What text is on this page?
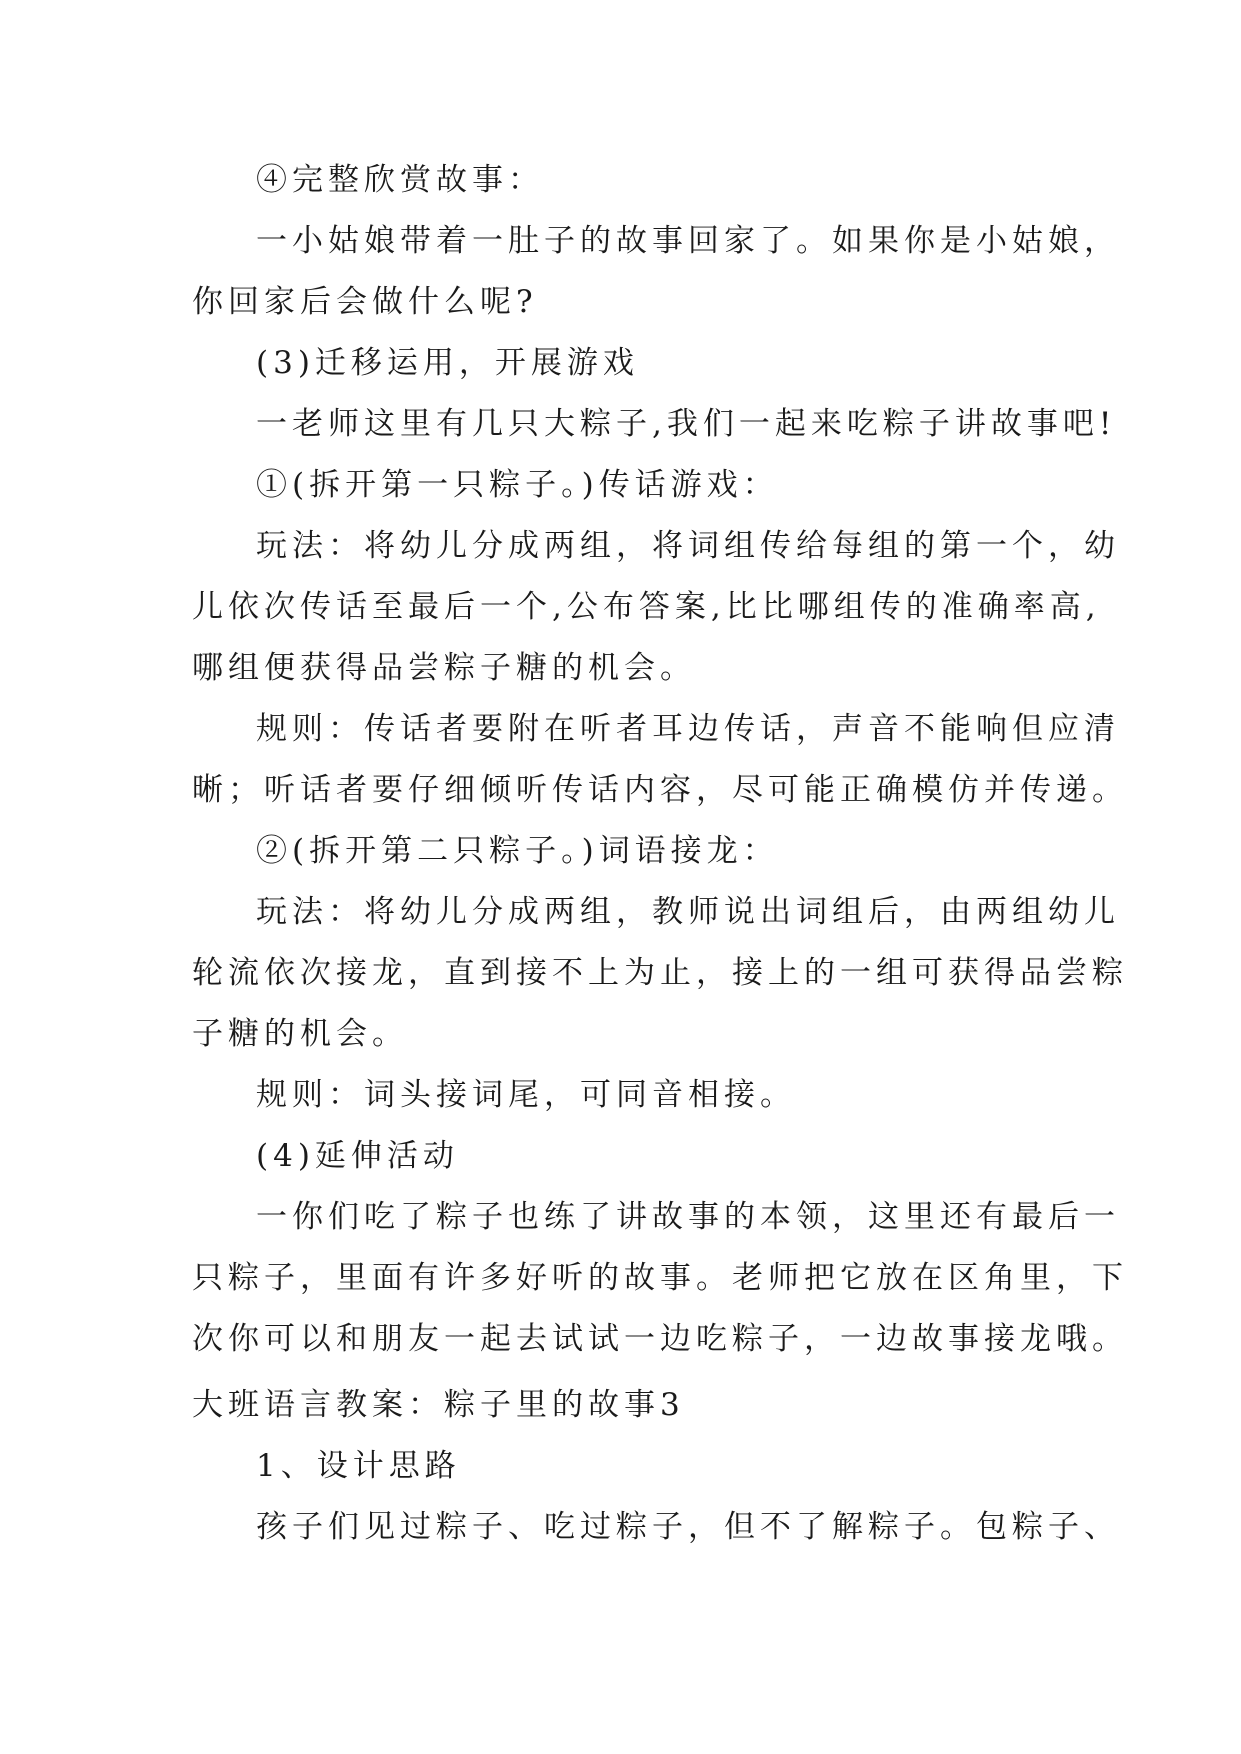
④完整欣赏故事：
一小姑娘带着一肚子的故事回家了。如果你是小姑娘，
你回家后会做什么呢?
(3)迁移运用，开展游戏
一老师这里有几只大粽子,我们一起来吃粽子讲故事吧!
①(拆开第一只粽子。)传话游戏：
玩法：将幼儿分成两组，将词组传给每组的第一个，幼
儿依次传话至最后一个,公布答案,比比哪组传的准确率高,
哪组便获得品尝粽子糖的机会。
规则：传话者要附在听者耳边传话，声音不能响但应清
晰；听话者要仔细倾听传话内容，尽可能正确模仿并传递。
②(拆开第二只粽子。)词语接龙：
玩法：将幼儿分成两组，教师说出词组后，由两组幼儿
轮流依次接龙，直到接不上为止，接上的一组可获得品尝粽
子糖的机会。
规则：词头接词尾，可同音相接。
(4)延伸活动
一你们吃了粽子也练了讲故事的本领，这里还有最后一
只粽子，里面有许多好听的故事。老师把它放在区角里，下
次你可以和朋友一起去试试一边吃粽子，一边故事接龙哦。
大班语言教案：粽子里的故事3
1、设计思路
孩子们见过粽子、吃过粽子，但不了解粽子。包粽子、
